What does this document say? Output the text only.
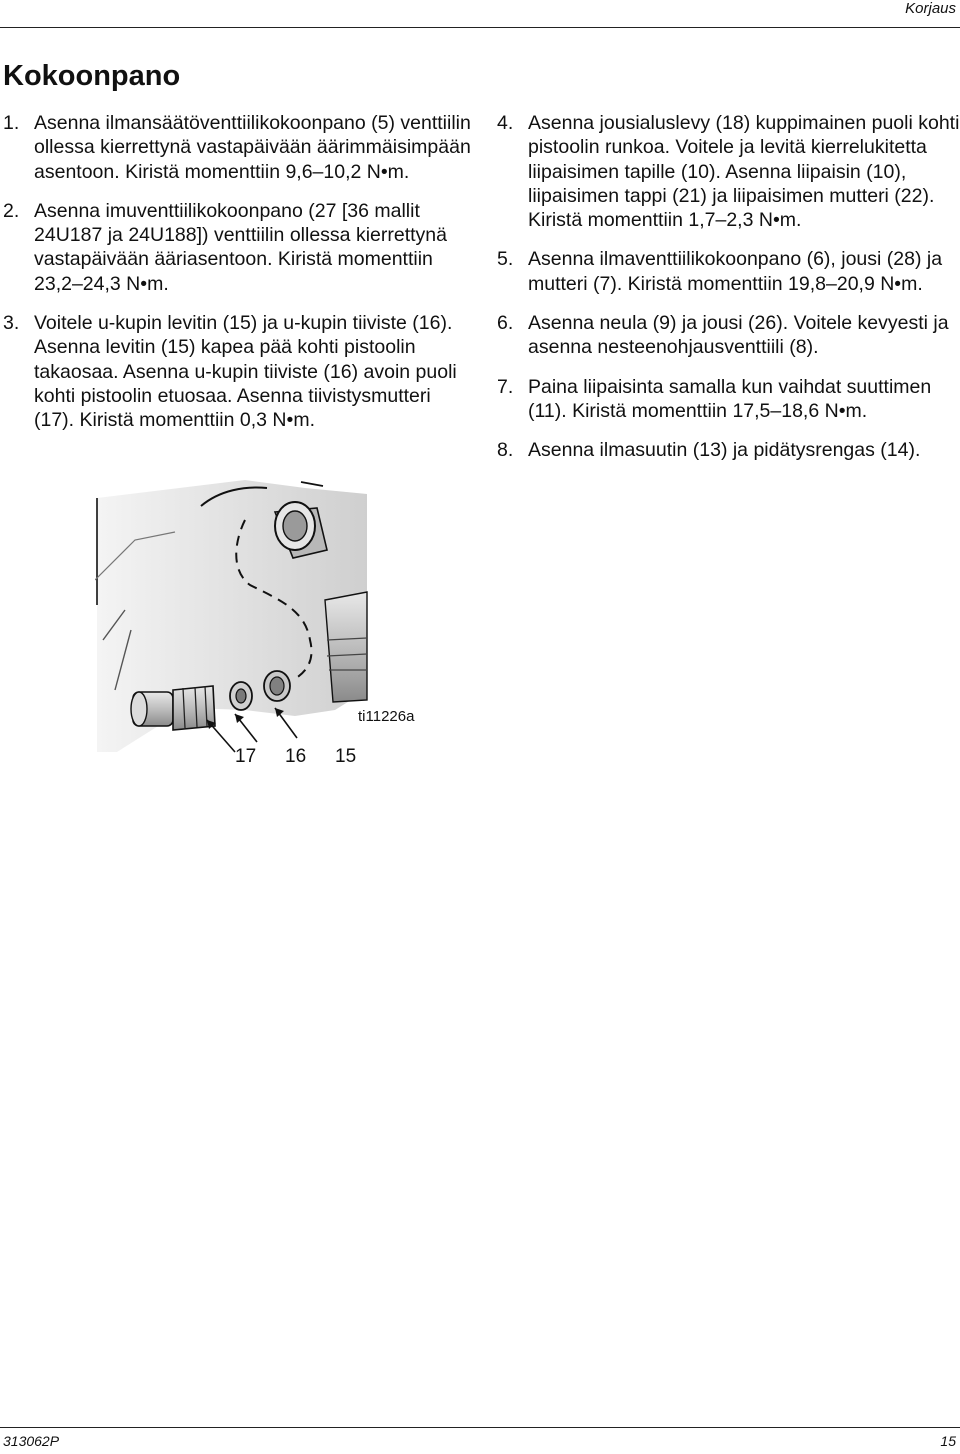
Korjaus
Kokoonpano
1. Asenna ilmansäätöventtiilikokoonpano (5) venttiilin ollessa kierrettynä vastapäivään äärimmäisimpään asentoon. Kiristä momenttiin 9,6–10,2 N•m.
2. Asenna imuventtiilikokoonpano (27 [36 mallit 24U187 ja 24U188]) venttiilin ollessa kierrettynä vastapäivään ääriasentoon. Kiristä momenttiin 23,2–24,3 N•m.
3. Voitele u-kupin levitin (15) ja u-kupin tiiviste (16). Asenna levitin (15) kapea pää kohti pistoolin takaosaa. Asenna u-kupin tiiviste (16) avoin puoli kohti pistoolin etuosaa. Asenna tiivistysmutteri (17). Kiristä momenttiin 0,3 N•m.
4. Asenna jousialuslevy (18) kuppimainen puoli kohti pistoolin runkoa. Voitele ja levitä kierrelukitetta liipaisimen tapille (10). Asenna liipaisin (10), liipaisimen tappi (21) ja liipaisimen mutteri (22). Kiristä momenttiin 1,7–2,3 N•m.
5. Asenna ilmaventtiilikokoonpano (6), jousi (28) ja mutteri (7). Kiristä momenttiin 19,8–20,9 N•m.
6. Asenna neula (9) ja jousi (26). Voitele kevyesti ja asenna nesteenohjausventtiili (8).
7. Paina liipaisinta samalla kun vaihdat suuttimen (11). Kiristä momenttiin 17,5–18,6 N•m.
8. Asenna ilmasuutin (13) ja pidätysrengas (14).
17 16 15
ti11226a
313062P	15
